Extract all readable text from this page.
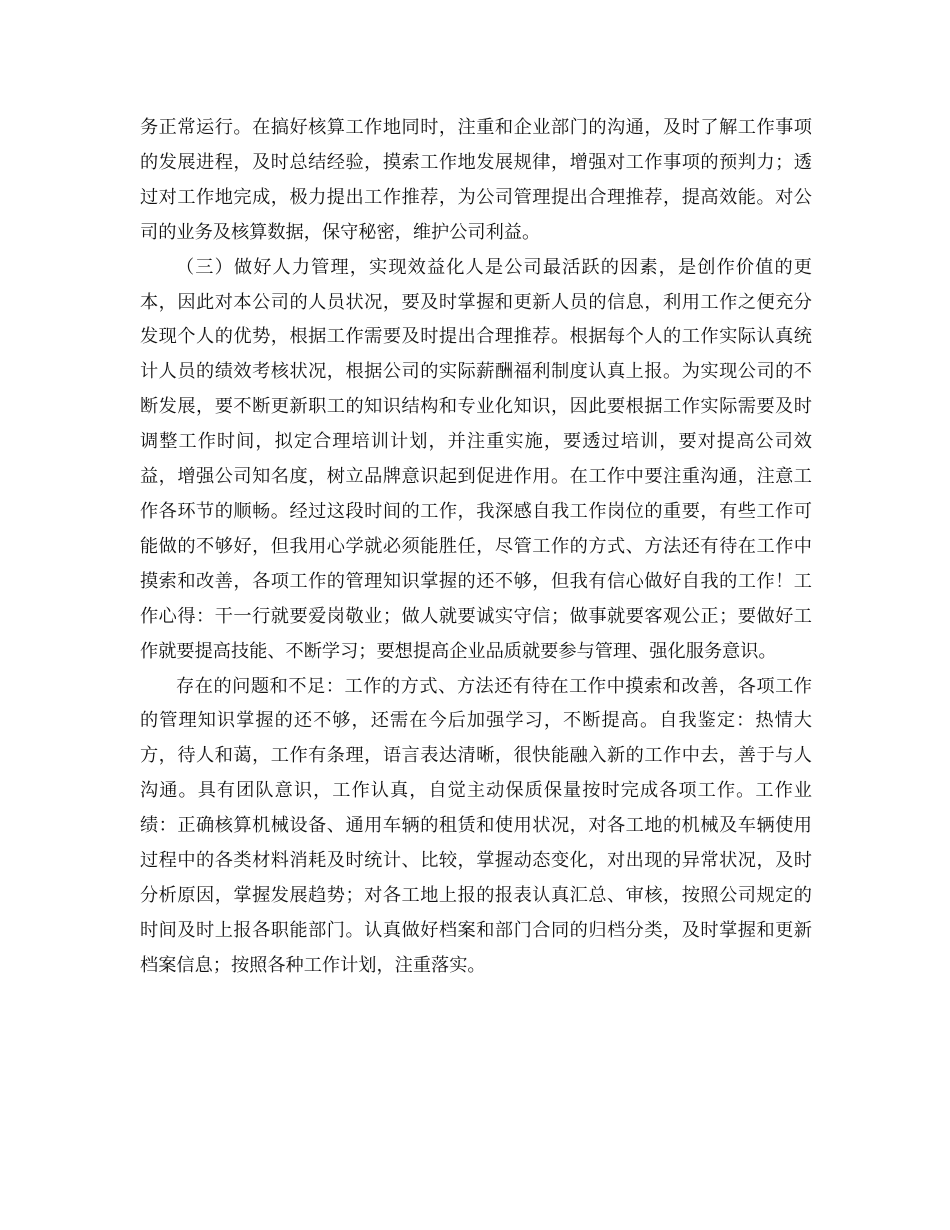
务正常运行。在搞好核算工作地同时，注重和企业部门的沟通，及时了解工作事项的发展进程，及时总结经验，摸索工作地发展规律，增强对工作事项的预判力；透过对工作地完成，极力提出工作推荐，为公司管理提出合理推荐，提高效能。对公司的业务及核算数据，保守秘密，维护公司利益。

（三）做好人力管理，实现效益化人是公司最活跃的因素，是创作价值的更本，因此对本公司的人员状况，要及时掌握和更新人员的信息，利用工作之便充分发现个人的优势，根据工作需要及时提出合理推荐。根据每个人的工作实际认真统计人员的绩效考核状况，根据公司的实际薪酬福利制度认真上报。为实现公司的不断发展，要不断更新职工的知识结构和专业化知识，因此要根据工作实际需要及时调整工作时间，拟定合理培训计划，并注重实施，要透过培训，要对提高公司效益，增强公司知名度，树立品牌意识起到促进作用。在工作中要注重沟通，注意工作各环节的顺畅。经过这段时间的工作，我深感自我工作岗位的重要，有些工作可能做的不够好，但我用心学就必须能胜任，尽管工作的方式、方法还有待在工作中摸索和改善，各项工作的管理知识掌握的还不够，但我有信心做好自我的工作！工作心得：干一行就要爱岗敬业；做人就要诚实守信；做事就要客观公正；要做好工作就要提高技能、不断学习；要想提高企业品质就要参与管理、强化服务意识。

存在的问题和不足：工作的方式、方法还有待在工作中摸索和改善，各项工作的管理知识掌握的还不够，还需在今后加强学习，不断提高。自我鉴定：热情大方，待人和蔼，工作有条理，语言表达清晰，很快能融入新的工作中去，善于与人沟通。具有团队意识，工作认真，自觉主动保质保量按时完成各项工作。工作业绩：正确核算机械设备、通用车辆的租赁和使用状况，对各工地的机械及车辆使用过程中的各类材料消耗及时统计、比较，掌握动态变化，对出现的异常状况，及时分析原因，掌握发展趋势；对各工地上报的报表认真汇总、审核，按照公司规定的时间及时上报各职能部门。认真做好档案和部门合同的归档分类，及时掌握和更新档案信息；按照各种工作计划，注重落实。
